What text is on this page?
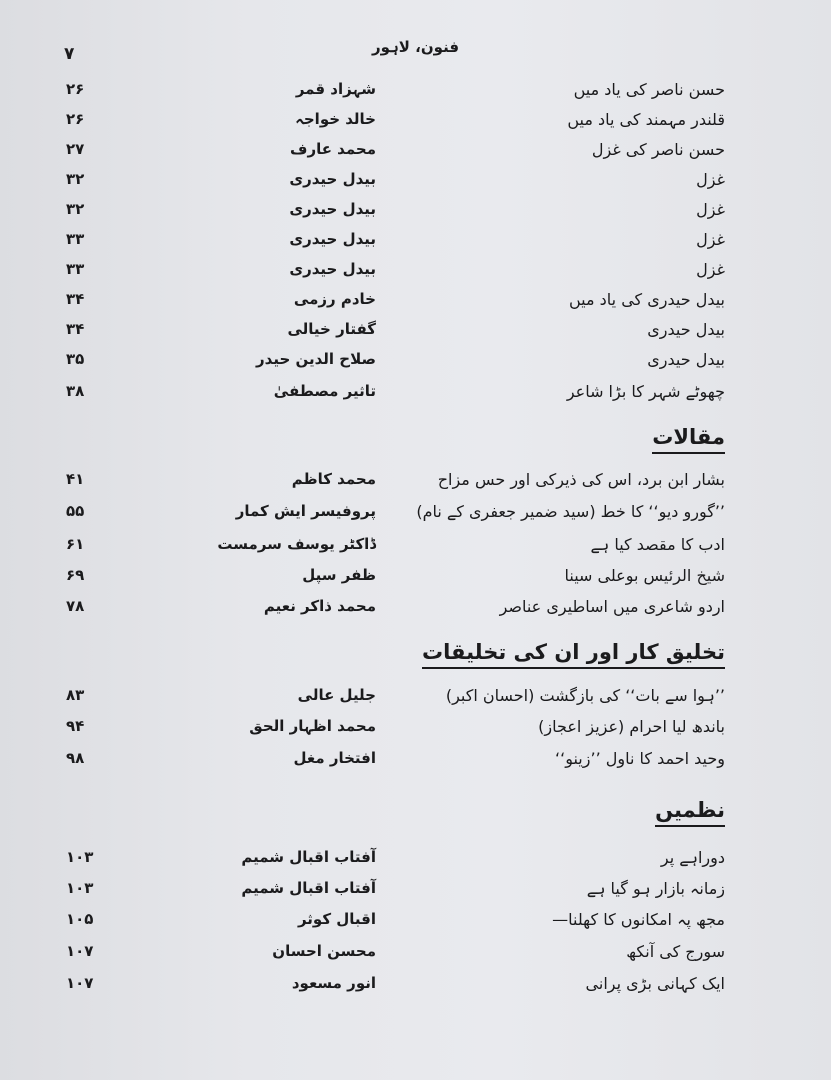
فنون، لاہور
۷
حسن ناصر کی یاد میں
شہزاد قمر
۲۶
قلندر مہمند کی یاد میں
خالد خواجہ
۲۶
حسن ناصر کی غزل
محمد عارف
۲۷
غزل
بیدل حیدری
۳۲
غزل
بیدل حیدری
۳۲
غزل
بیدل حیدری
۳۳
غزل
بیدل حیدری
۳۳
بیدل حیدری کی یاد میں
خادم رزمی
۳۴
بیدل حیدری
گفتار خیالی
۳۴
بیدل حیدری
صلاح الدین حیدر
۳۵
چھوٹے شہر کا بڑا شاعر
تاثیر مصطفیٰ
۳۸
مقالات
بشار ابن برد، اس کی ذیرکی اور حس مزاح
محمد کاظم
۴۱
’’گورو دیو‘‘ کا خط (سید ضمیر جعفری کے نام)
پروفیسر ایش کمار
۵۵
ادب کا مقصد کیا ہے
ڈاکٹر یوسف سرمست
۶۱
شیخ الرئیس بوعلی سینا
ظفر سپل
۶۹
اردو شاعری میں اساطیری عناصر
محمد ذاکر نعیم
۷۸
تخلیق کار اور ان کی تخلیقات
’’ہوا سے بات‘‘ کی بازگشت (احسان اکبر)
جلیل عالی
۸۳
باندھ لیا احرام (عزیز اعجاز)
محمد اظہار الحق
۹۴
وحید احمد کا ناول ’’زینو‘‘
افتخار مغل
۹۸
نظمیں
دوراہے پر
آفتاب اقبال شمیم
۱۰۳
زمانہ بازار ہو گیا ہے
آفتاب اقبال شمیم
۱۰۳
مجھ پہ امکانوں کا کھلنا—
اقبال کوثر
۱۰۵
سورج کی آنکھ
محسن احسان
۱۰۷
ایک کہانی بڑی پرانی
انور مسعود
۱۰۷
